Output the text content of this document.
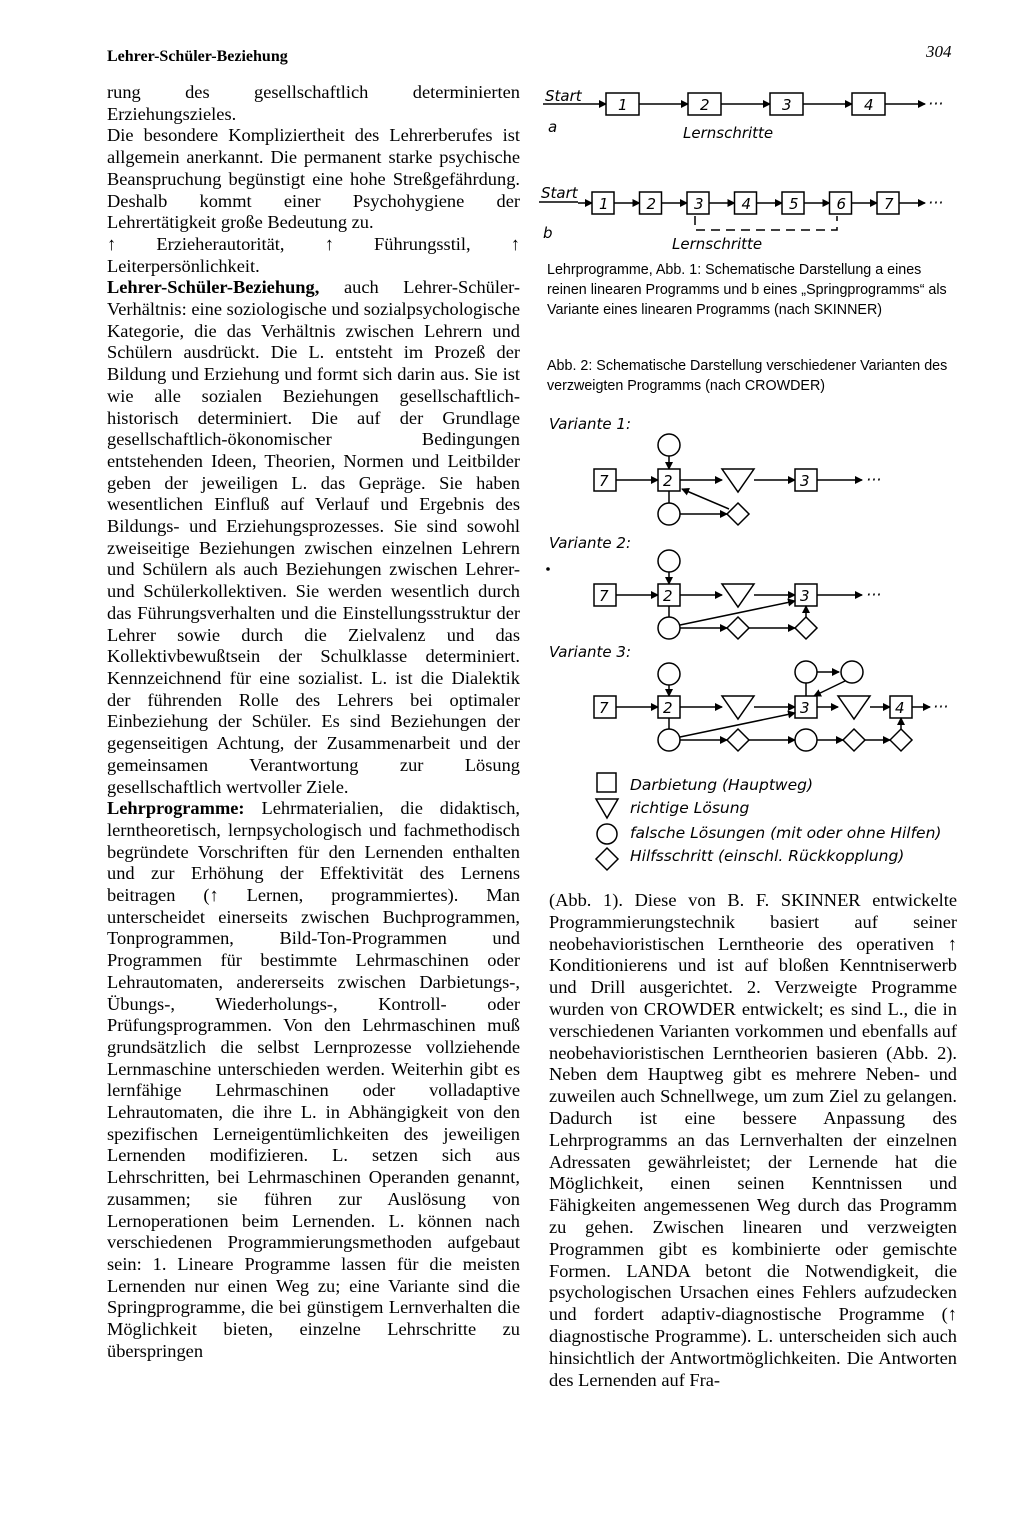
Lehrer-Schüler-Beziehung	304

rung des gesellschaftlich determinierten Erziehungszieles.

Die besondere Kompliziertheit des Lehrerberufes ist allgemein anerkannt. Die permanent starke psychische Beanspruchung begünstigt eine hohe Streßgefährdung. Deshalb kommt einer Psychohygiene der Lehrertätigkeit große Bedeutung zu.

↑ Erzieherautorität, ↑ Führungsstil, ↑ Leiterpersönlichkeit.

Lehrer-Schüler-Beziehung, auch Lehrer-Schüler-Verhältnis: eine soziologische und sozialpsychologische Kategorie, die das Verhältnis zwischen Lehrern und Schülern ausdrückt. Die L. entsteht im Prozeß der Bildung und Erziehung und formt sich darin aus. Sie ist wie alle sozialen Beziehungen gesellschaftlich-historisch determiniert. Die auf der Grundlage gesellschaftlich-ökonomischer Bedingungen entstehenden Ideen, Theorien, Normen und Leitbilder geben der jeweiligen L. das Gepräge. Sie haben wesentlichen Einfluß auf Verlauf und Ergebnis des Bildungs- und Erziehungsprozesses. Sie sind sowohl zweiseitige Beziehungen zwischen einzelnen Lehrern und Schülern als auch Beziehungen zwischen Lehrer- und Schülerkollektiven. Sie werden wesentlich durch das Führungsverhalten und die Einstellungsstruktur der Lehrer sowie durch die Zielvalenz und das Kollektivbewußtsein der Schulklasse determiniert. Kennzeichnend für eine sozialist. L. ist die Dialektik der führenden Rolle des Lehrers bei optimaler Einbeziehung der Schüler. Es sind Beziehungen der gegenseitigen Achtung, der Zusammenarbeit und der gemeinsamen Verantwortung zur Lösung gesellschaftlich wertvoller Ziele.

Lehrprogramme: Lehrmaterialien, die didaktisch, lerntheoretisch, lernpsychologisch und fachmethodisch begründete Vorschriften für den Lernenden enthalten und zur Erhöhung der Effektivität des Lernens beitragen (↑ Lernen, programmiertes). Man unterscheidet einerseits zwischen Buchprogrammen, Tonprogrammen, Bild-Ton-Programmen und Programmen für bestimmte Lehrmaschinen oder Lehrautomaten, andererseits zwischen Darbietungs-, Übungs-, Wiederholungs-, Kontroll- oder Prüfungsprogrammen. Von den Lehrmaschinen muß grundsätzlich die selbst Lernprozesse vollziehende Lernmaschine unterschieden werden. Weiterhin gibt es lernfähige Lehrmaschinen oder volladaptive Lehrautomaten, die ihre L. in Abhängigkeit von den spezifischen Lerneigentümlichkeiten des jeweiligen Lernenden modifizieren. L. setzen sich aus Lehrschritten, bei Lehrmaschinen Operanden genannt, zusammen; sie führen zur Auslösung von Lernoperationen beim Lernenden. L. können nach verschiedenen Programmierungsmethoden aufgebaut sein: 1. Lineare Programme lassen für die meisten Lernenden nur einen Weg zu; eine Variante sind die Springprogramme, die bei günstigem Lernverhalten die Möglichkeit bieten, einzelne Lehrschritte zu überspringen

Lehrprogramme, Abb. 1: Schematische Darstellung a eines reinen linearen Programms und b eines „Springprogramms“ als Variante eines linearen Programms (nach SKINNER)
Abb. 2: Schematische Darstellung verschiedener Varianten des verzweigten Programms (nach CROWDER)
Start
a
1	2	3	4	···
Lernschritte
Start
b
1	2	3	4	5	6	7 ···
Lernschritte
Variante 1:
7	2	3	···
Variante 2:
7	2	3	···
Variante 3:
7	2	3	4 ···
Darbietung (Hauptweg)
richtige Lösung
falsche Lösungen (mit oder ohne Hilfen)
Hilfsschritt (einschl. Rückkopplung)

(Abb. 1). Diese von B. F. SKINNER entwickelte Programmierungstechnik basiert auf seiner neobehavioristischen Lerntheorie des operativen ↑ Konditionierens und ist auf bloßen Kenntniserwerb und Drill ausgerichtet. 2. Verzweigte Programme wurden von CROWDER entwickelt; es sind L., die in verschiedenen Varianten vorkommen und ebenfalls auf neobehavioristischen Lerntheorien basieren (Abb. 2). Neben dem Hauptweg gibt es mehrere Neben- und zuweilen auch Schnellwege, um zum Ziel zu gelangen. Dadurch ist eine bessere Anpassung des Lehrprogramms an das Lernverhalten der einzelnen Adressaten gewährleistet; der Lernende hat die Möglichkeit, einen seinen Kenntnissen und Fähigkeiten angemessenen Weg durch das Programm zu gehen. Zwischen linearen und verzweigten Programmen gibt es kombinierte oder gemischte Formen. LANDA betont die Notwendigkeit, die psychologischen Ursachen eines Fehlers aufzudecken und fordert adaptiv-diagnostische Programme (↑ diagnostische Programme). L. unterscheiden sich auch hinsichtlich der Antwortmöglichkeiten. Die Antworten des Lernenden auf Fra-
